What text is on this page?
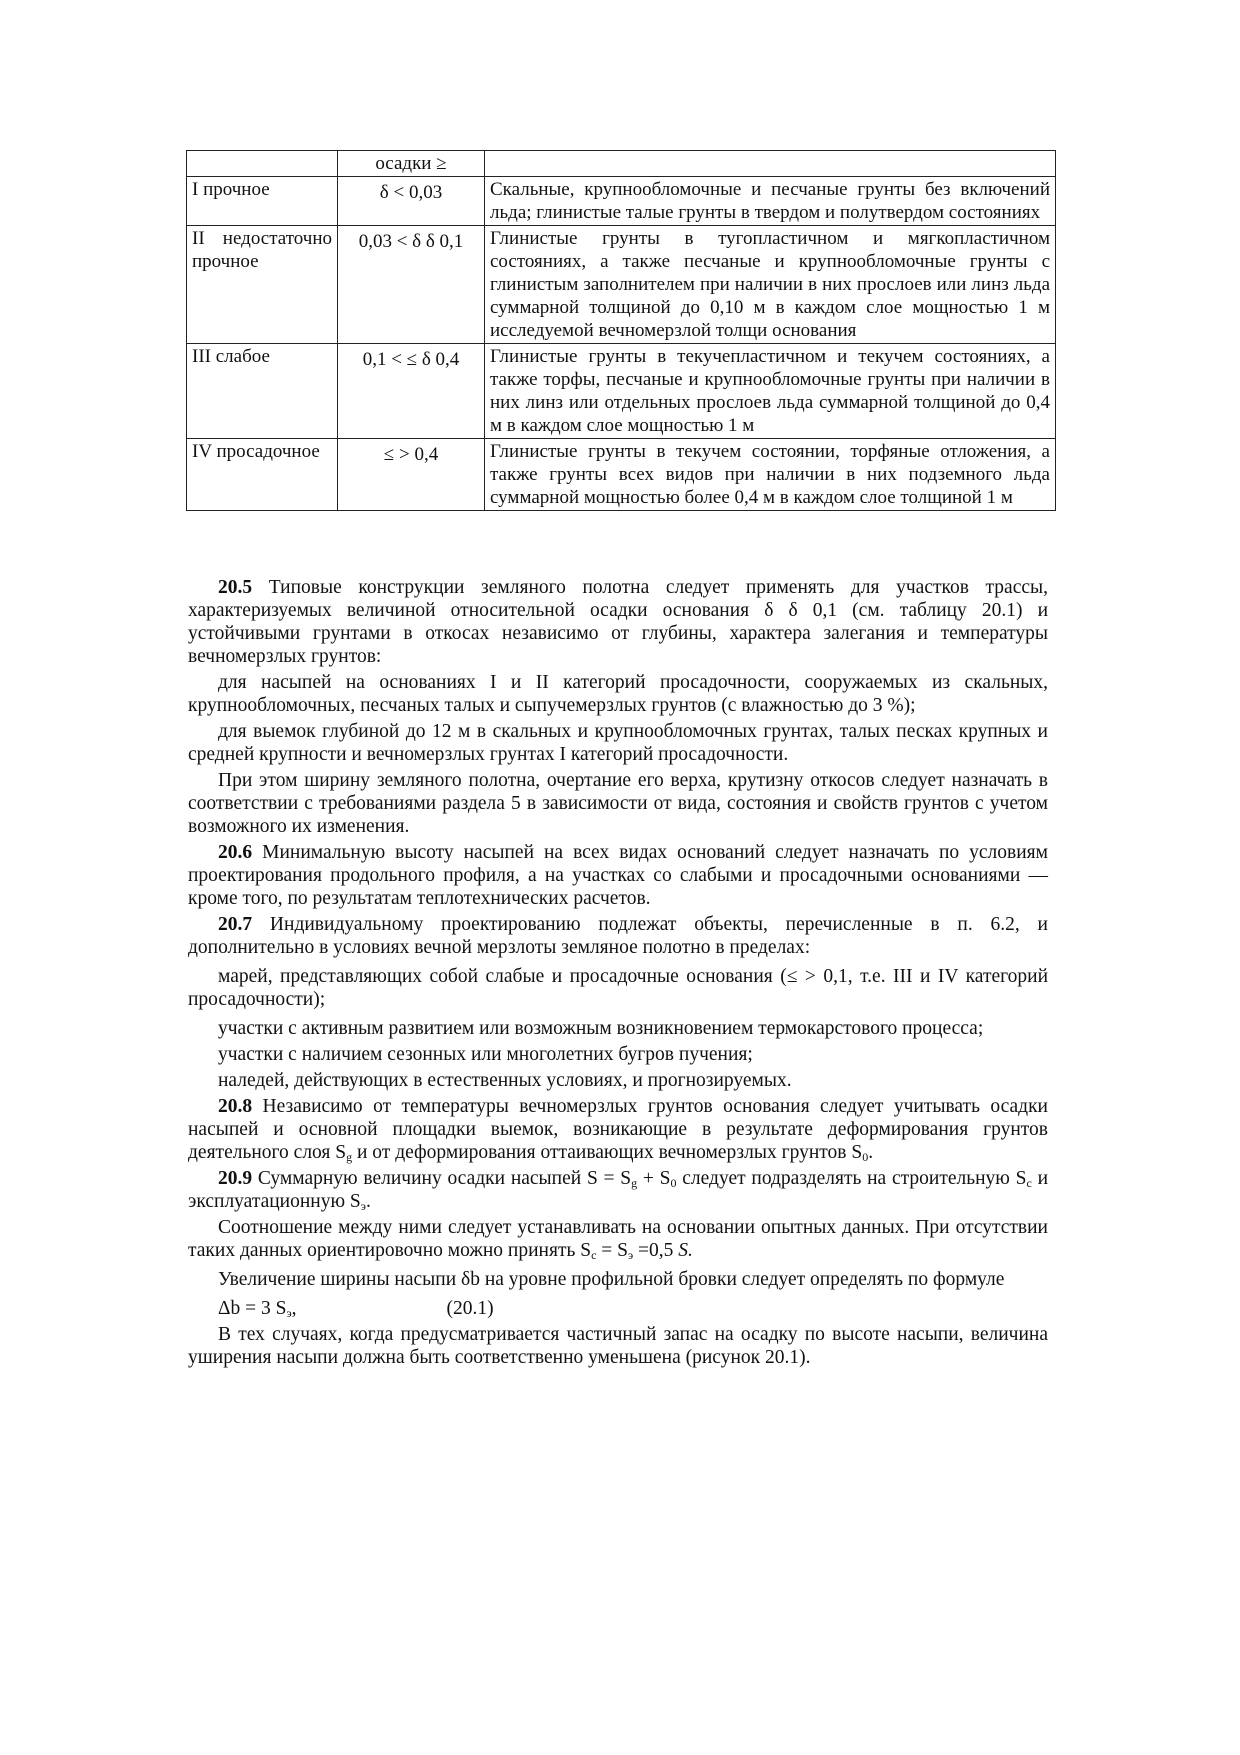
	осадки ≥	
I прочное	δ < 0,03	Скальные, крупнообломочные и песчаные грунты без включений льда; глинистые талые грунты в твердом и полутвердом состояниях
II недостаточно прочное	0,03 < δ δ 0,1	Глинистые грунты в тугопластичном и мягкопластичном состояниях, а также песчаные и крупнообломочные грунты с глинистым заполнителем при наличии в них прослоев или линз льда суммарной толщиной до 0,10 м в каждом слое мощностью 1 м исследуемой вечномерзлой толщи основания
III слабое	0,1 < ≤ δ 0,4	Глинистые грунты в текучепластичном и текучем состояниях, а также торфы, песчаные и крупнообломочные грунты при наличии в них линз или отдельных прослоев льда суммарной толщиной до 0,4 м в каждом слое мощностью 1 м
IV просадочное	≤ > 0,4	Глинистые грунты в текучем состоянии, торфяные отложения, а также грунты всех видов при наличии в них подземного льда суммарной мощностью более 0,4 м в каждом слое толщиной 1 м

20.5 Типовые конструкции земляного полотна следует применять для участков трассы, характеризуемых величиной относительной осадки основания δ δ 0,1 (см. таблицу 20.1) и устойчивыми грунтами в откосах независимо от глубины, характера залегания и температуры вечномерзлых грунтов:

для насыпей на основаниях I и II категорий просадочности, сооружаемых из скальных, крупнообломочных, песчаных талых и сыпучемерзлых грунтов (с влажностью до 3 %);

для выемок глубиной до 12 м в скальных и крупнообломочных грунтах, талых песках крупных и средней крупности и вечномерзлых грунтах I категорий просадочности.

При этом ширину земляного полотна, очертание его верха, крутизну откосов следует назначать в соответствии с требованиями раздела 5 в зависимости от вида, состояния и свойств грунтов с учетом возможного их изменения.

20.6 Минимальную высоту насыпей на всех видах оснований следует назначать по условиям проектирования продольного профиля, а на участках со слабыми и просадочными основаниями — кроме того, по результатам теплотехнических расчетов.

20.7 Индивидуальному проектированию подлежат объекты, перечисленные в п. 6.2, и дополнительно в условиях вечной мерзлоты земляное полотно в пределах:

марей, представляющих собой слабые и просадочные основания (≤ > 0,1, т.е. III и IV категорий просадочности);

участки с активным развитием или возможным возникновением термокарстового процесса;

участки с наличием сезонных или многолетних бугров пучения;

наледей, действующих в естественных условиях, и прогнозируемых.

20.8 Независимо от температуры вечномерзлых грунтов основания следует учитывать осадки насыпей и основной площадки выемок, возникающие в результате деформирования грунтов деятельного слоя $S_g$ и от деформирования оттаивающих вечномерзлых грунтов $S_0$.

20.9 Суммарную величину осадки насыпей $S = S_g + S_0$ следует подразделять на строительную $S_c$ и эксплуатационную $S_э$.

Соотношение между ними следует устанавливать на основании опытных данных. При отсутствии таких данных ориентировочно можно принять $S_c = S_э =0,5$ S.

Увеличение ширины насыпи δb на уровне профильной бровки следует определять по формуле

Δb = 3 $S_э$,	(20.1)

В тех случаях, когда предусматривается частичный запас на осадку по высоте насыпи, величина уширения насыпи должна быть соответственно уменьшена (рисунок 20.1).
